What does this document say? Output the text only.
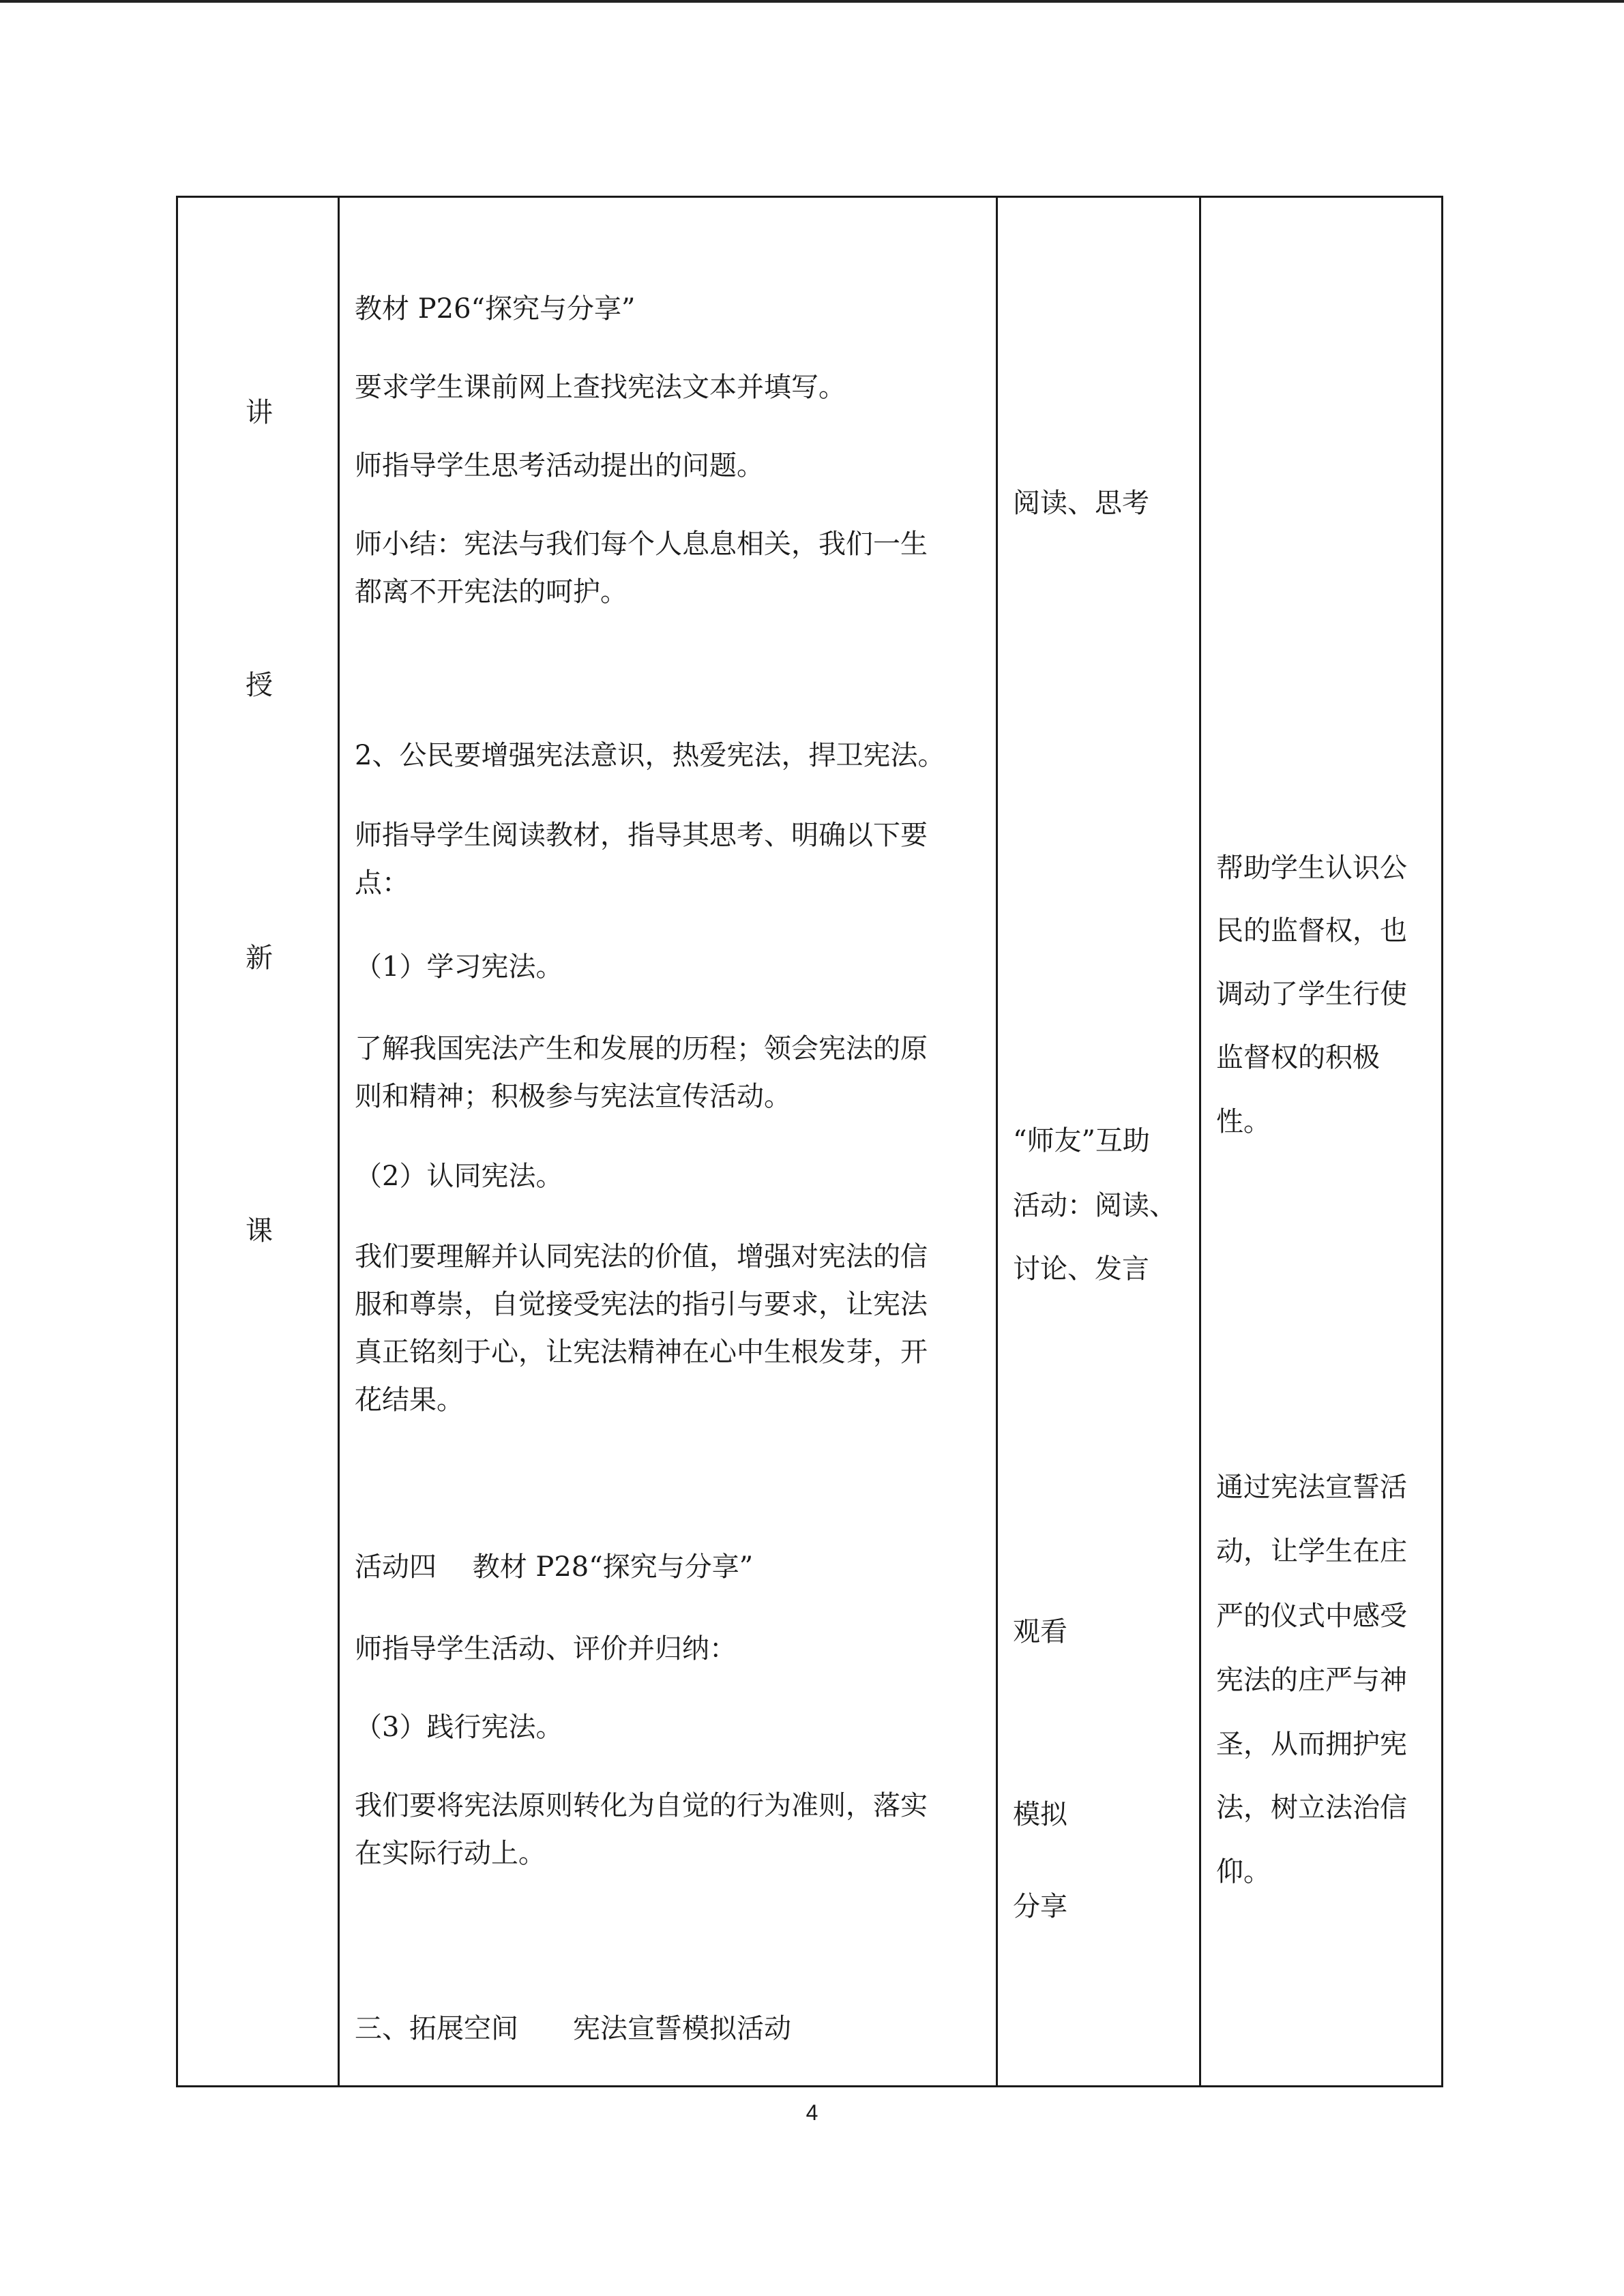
讲
授
新
课
教材 P26“探究与分享”
要求学生课前网上查找宪法文本并填写。
师指导学生思考活动提出的问题。
师小结：宪法与我们每个人息息相关，我们一生
都离不开宪法的呵护。
2、公民要增强宪法意识，热爱宪法，捍卫宪法。
师指导学生阅读教材，指导其思考、明确以下要
点：
（1）学习宪法。
了解我国宪法产生和发展的历程；领会宪法的原
则和精神；积极参与宪法宣传活动。
（2）认同宪法。
我们要理解并认同宪法的价值，增强对宪法的信
服和尊崇，自觉接受宪法的指引与要求，让宪法
真正铭刻于心，让宪法精神在心中生根发芽，开
花结果。
活动四　 教材 P28“探究与分享”
师指导学生活动、评价并归纳：
（3）践行宪法。
我们要将宪法原则转化为自觉的行为准则，落实
在实际行动上。
三、拓展空间　　宪法宣誓模拟活动
阅读、思考
“师友”互助
活动：阅读、
讨论、发言
观看
模拟
分享
帮助学生认识公
民的监督权，也
调动了学生行使
监督权的积极
性。
通过宪法宣誓活
动，让学生在庄
严的仪式中感受
宪法的庄严与神
圣，从而拥护宪
法，树立法治信
仰。
4
